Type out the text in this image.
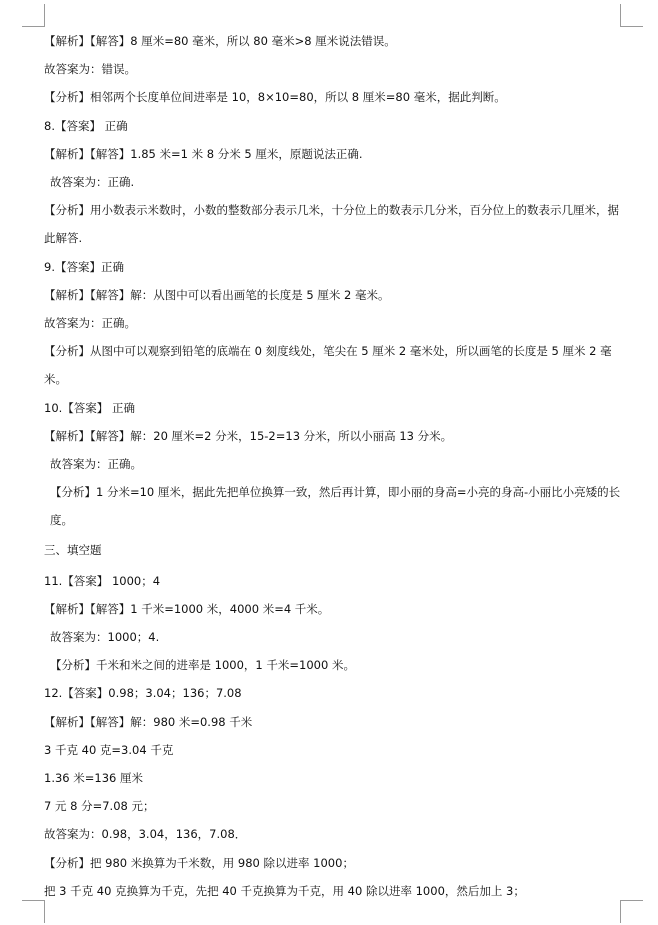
【解析】【解答】8 厘米=80 毫米，所以 80 毫米>8 厘米说法错误。
故答案为：错误。
【分析】相邻两个长度单位间进率是 10，8×10=80，所以 8 厘米=80 毫米，据此判断。
8.【答案】 正确
【解析】【解答】1.85 米=1 米 8 分米 5 厘米，原题说法正确.
故答案为：正确.
【分析】用小数表示米数时，小数的整数部分表示几米，十分位上的数表示几分米，百分位上的数表示几厘米，据此解答.
9.【答案】正确
【解析】【解答】解：从图中可以看出画笔的长度是 5 厘米 2 毫米。
故答案为：正确。
【分析】从图中可以观察到铅笔的底端在 0 刻度线处，笔尖在 5 厘米 2 毫米处，所以画笔的长度是 5 厘米 2 毫米。
10.【答案】 正确
【解析】【解答】解：20 厘米=2 分米，15-2=13 分米，所以小丽高 13 分米。
故答案为：正确。
【分析】1 分米=10 厘米，据此先把单位换算一致，然后再计算，即小丽的身高=小亮的身高-小丽比小亮矮的长度。
三、填空题
11.【答案】 1000；4
【解析】【解答】1 千米=1000 米，4000 米=4 千米。
故答案为：1000；4.
【分析】千米和米之间的进率是 1000，1 千米=1000 米。
12.【答案】0.98；3.04；136；7.08
【解析】【解答】解：980 米=0.98 千米
3 千克 40 克=3.04 千克
1.36 米=136 厘米
7 元 8 分=7.08 元；
故答案为：0.98，3.04，136，7.08．
【分析】把 980 米换算为千米数，用 980 除以进率 1000；
把 3 千克 40 克换算为千克，先把 40 千克换算为千克，用 40 除以进率 1000，然后加上 3；
